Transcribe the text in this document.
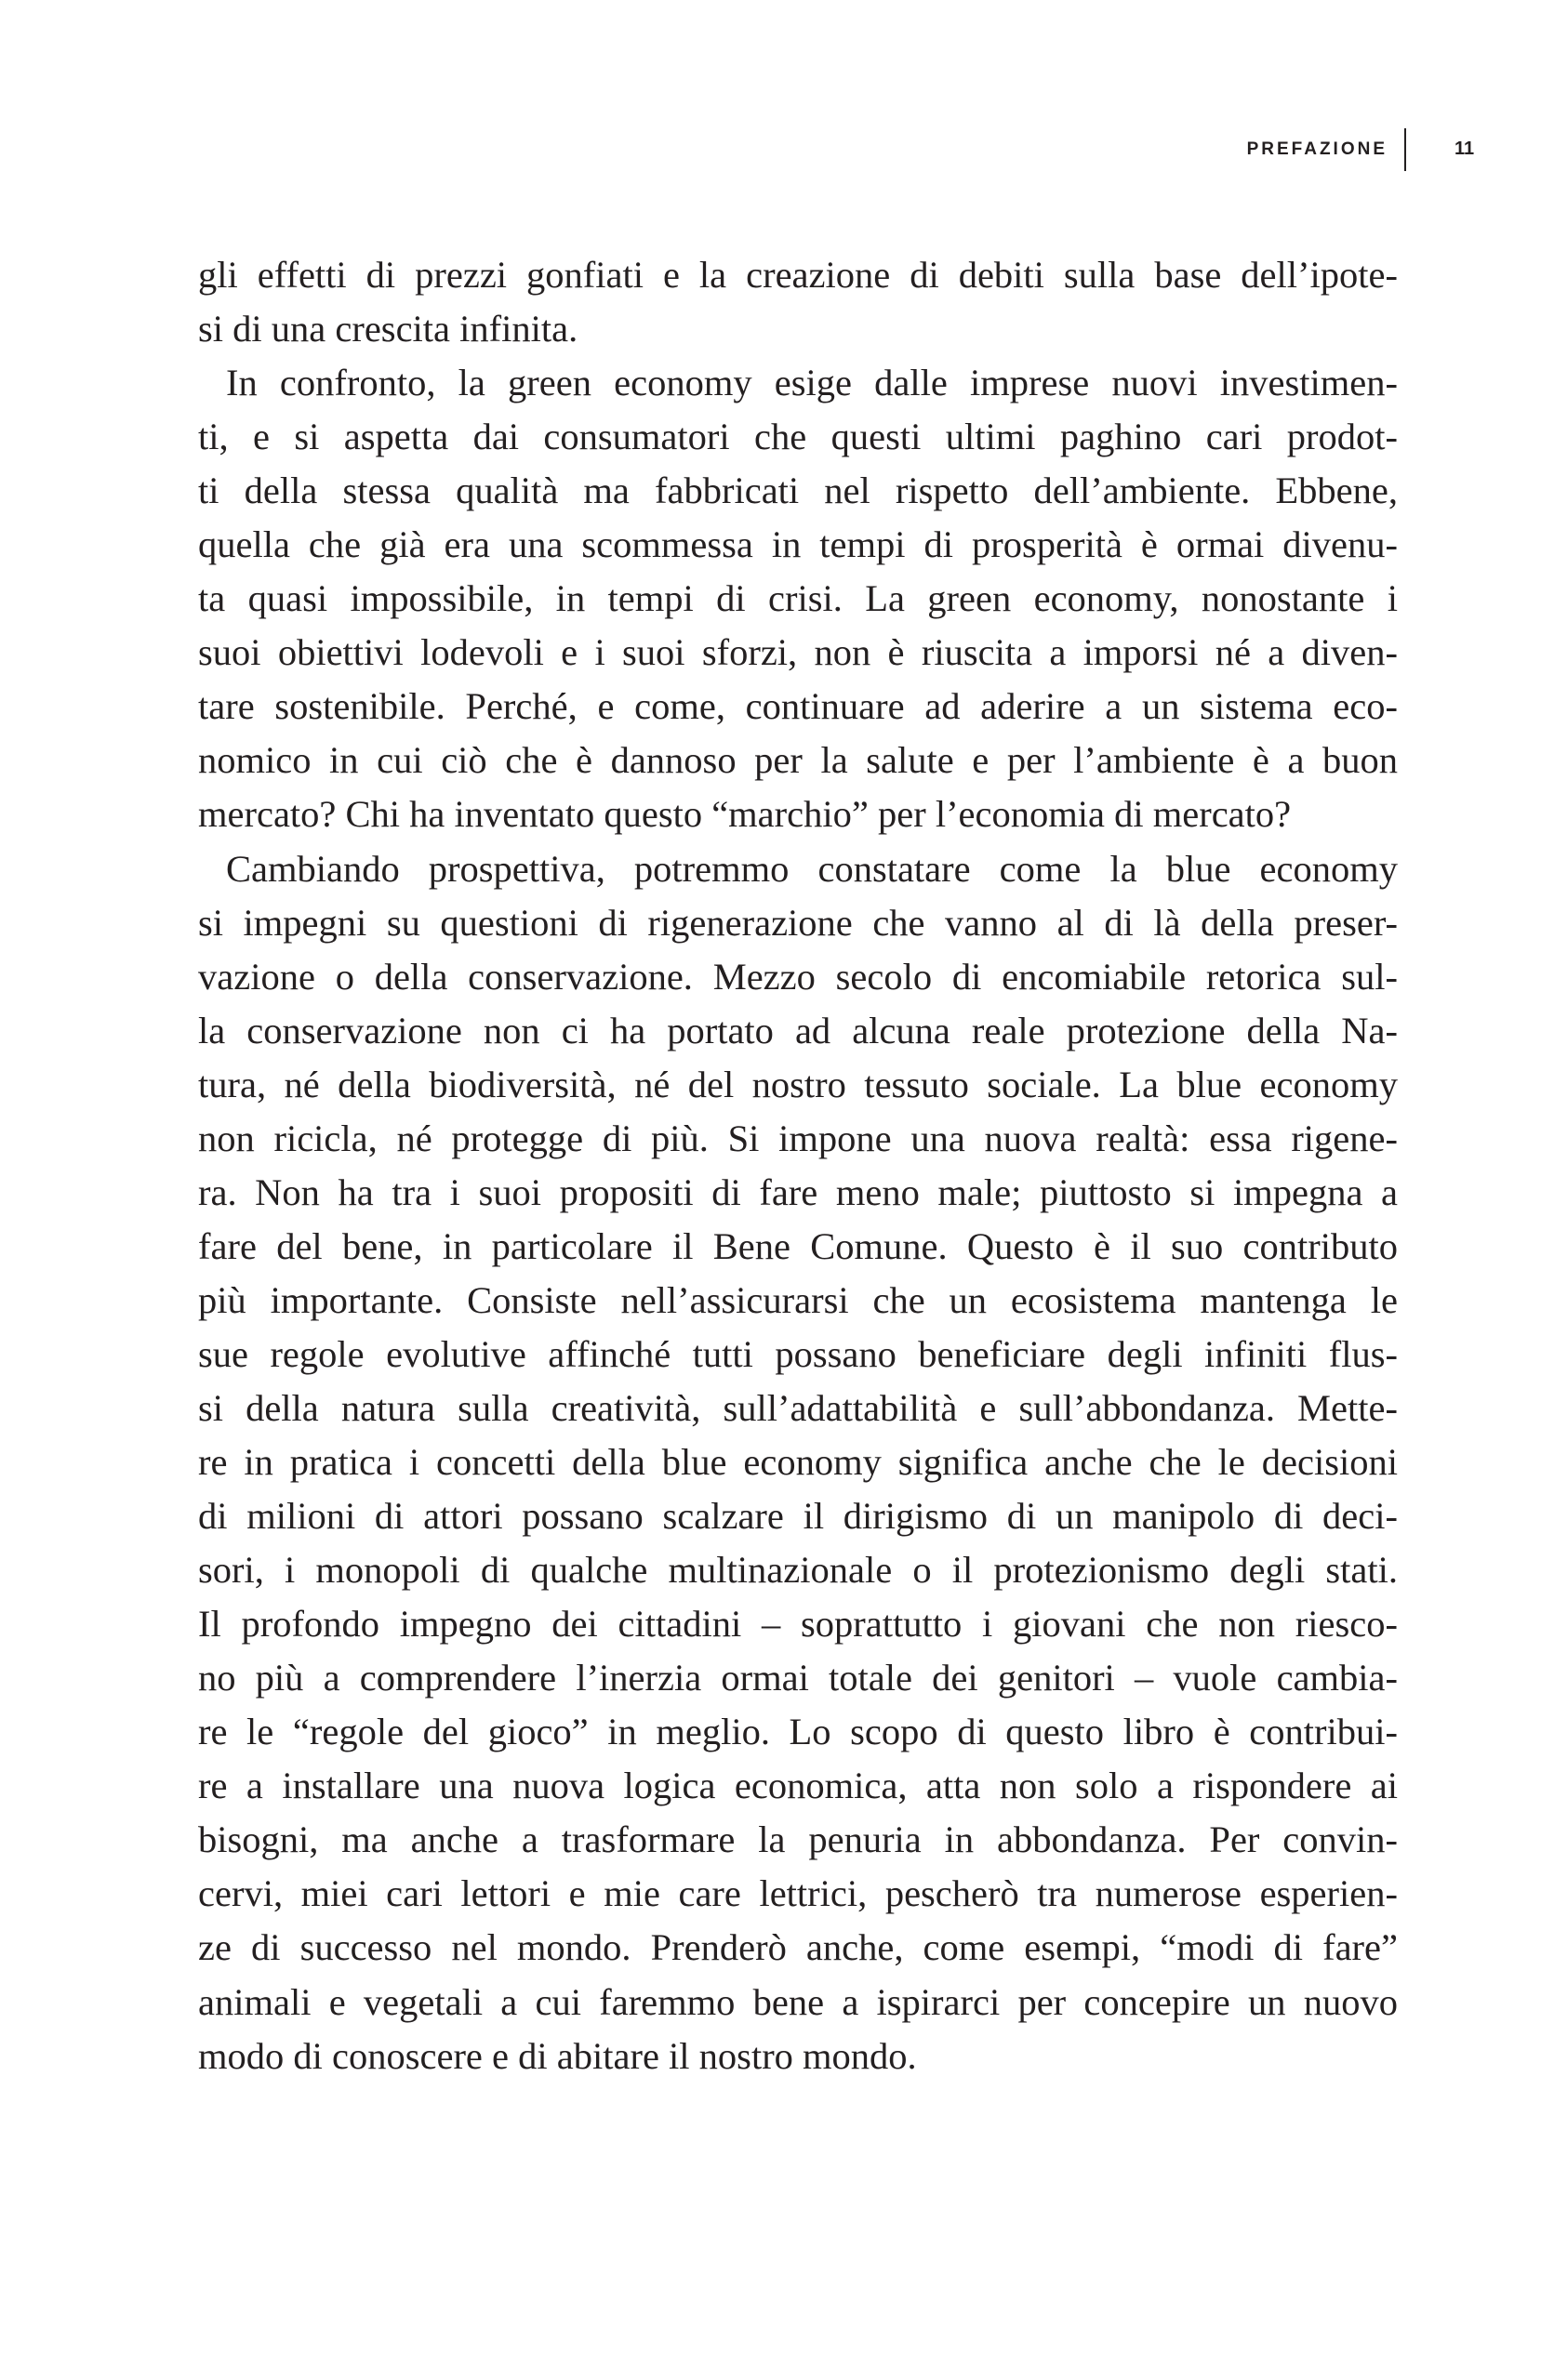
PREFAZIONE	11
gli effetti di prezzi gonfiati e la creazione di debiti sulla base dell’ipote-
si di una crescita infinita.
In confronto, la green economy esige dalle imprese nuovi investimen-
ti, e si aspetta dai consumatori che questi ultimi paghino cari prodot-
ti della stessa qualità ma fabbricati nel rispetto dell’ambiente. Ebbene,
quella che già era una scommessa in tempi di prosperità è ormai divenu-
ta quasi impossibile, in tempi di crisi. La green economy, nonostante i
suoi obiettivi lodevoli e i suoi sforzi, non è riuscita a imporsi né a diven-
tare sostenibile. Perché, e come, continuare ad aderire a un sistema eco-
nomico in cui ciò che è dannoso per la salute e per l’ambiente è a buon
mercato? Chi ha inventato questo “marchio” per l’economia di mercato?
Cambiando prospettiva, potremmo constatare come la blue economy
si impegni su questioni di rigenerazione che vanno al di là della preser-
vazione o della conservazione. Mezzo secolo di encomiabile retorica sul-
la conservazione non ci ha portato ad alcuna reale protezione della Na-
tura, né della biodiversità, né del nostro tessuto sociale. La blue economy
non ricicla, né protegge di più. Si impone una nuova realtà: essa rigene-
ra. Non ha tra i suoi propositi di fare meno male; piuttosto si impegna a
fare del bene, in particolare il Bene Comune. Questo è il suo contributo
più importante. Consiste nell’assicurarsi che un ecosistema mantenga le
sue regole evolutive affinché tutti possano beneficiare degli infiniti flus-
si della natura sulla creatività, sull’adattabilità e sull’abbondanza. Mette-
re in pratica i concetti della blue economy significa anche che le decisioni
di milioni di attori possano scalzare il dirigismo di un manipolo di deci-
sori, i monopoli di qualche multinazionale o il protezionismo degli stati.
Il profondo impegno dei cittadini – soprattutto i giovani che non riesco-
no più a comprendere l’inerzia ormai totale dei genitori – vuole cambia-
re le “regole del gioco” in meglio. Lo scopo di questo libro è contribui-
re a installare una nuova logica economica, atta non solo a rispondere ai
bisogni, ma anche a trasformare la penuria in abbondanza. Per convin-
cervi, miei cari lettori e mie care lettrici, pescherò tra numerose esperien-
ze di successo nel mondo. Prenderò anche, come esempi, “modi di fare”
animali e vegetali a cui faremmo bene a ispirarci per concepire un nuovo
modo di conoscere e di abitare il nostro mondo.
